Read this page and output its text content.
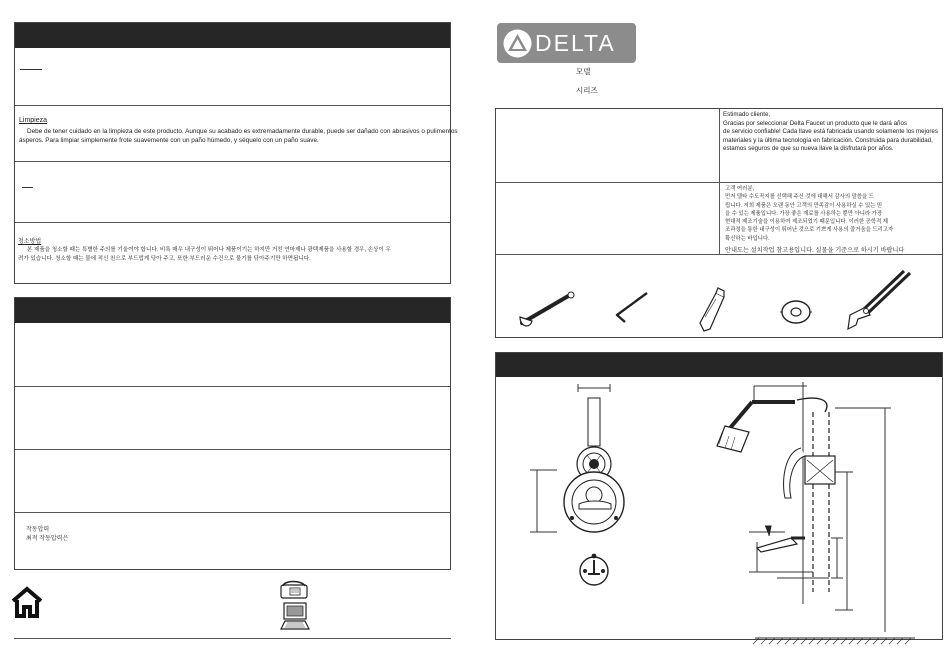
Limpieza
Debe de tener cuidado en la limpieza de este producto. Aunque su acabado es extremadamente durable, puede ser dañado con abrasivos o pulimentos
ásperos. Para limpiar simplemente frote suavemente con un paño húmedo, y séquelo con un paño suave.
청소방법
본 제품을 청소할 때는 특별한 주의를 기울여야 합니다. 비록 매우 내구성이 뛰어나 제품이기는 하지만 거친 연마제나 광택제품을 사용할 경우, 손상이 우
려가 있습니다. 청소할 때는 물에 적신 천으로 부드럽게 닦아 주고, 또한 부드러운 수건으로 물기를 닦아주기만 하면됩니다.
작동압력
최적 작동압력은
DELTA
모델
시리즈
Estimado cliente,
Gracias por seleccionar Delta Faucet un producto que le dará años
de servicio confiable! Cada llave está fabricada usando solamente los mejores
materiales y la última tecnología en fabricación. Construida para durabilidad,
estamos seguros de que su nueva llave la disfrutará por años.
고객 여러분,
먼저 델타 수도꼭지를 선택해 주신 것에 대해서 감사의 말씀을 드
립니다. 저희 제품은 오랜 동안 고객의 만족감이 사용하실 수 있는 믿
을 수 있는 제품입니다. 가장 좋은 재료를 사용하는 뿐만 아니라 가장
현대적 제조기술을 이용하여 제조되었기 때문입니다. 이러한 공학적 제
조과정을 통한 내구성이 뛰어난 것으로 기쁘게 사용의 즐거움을 드리고자
확신하는 바입니다.
안내도는 설치작업 참고용입니다. 실물을 기준으로 하시기 바랍니다
